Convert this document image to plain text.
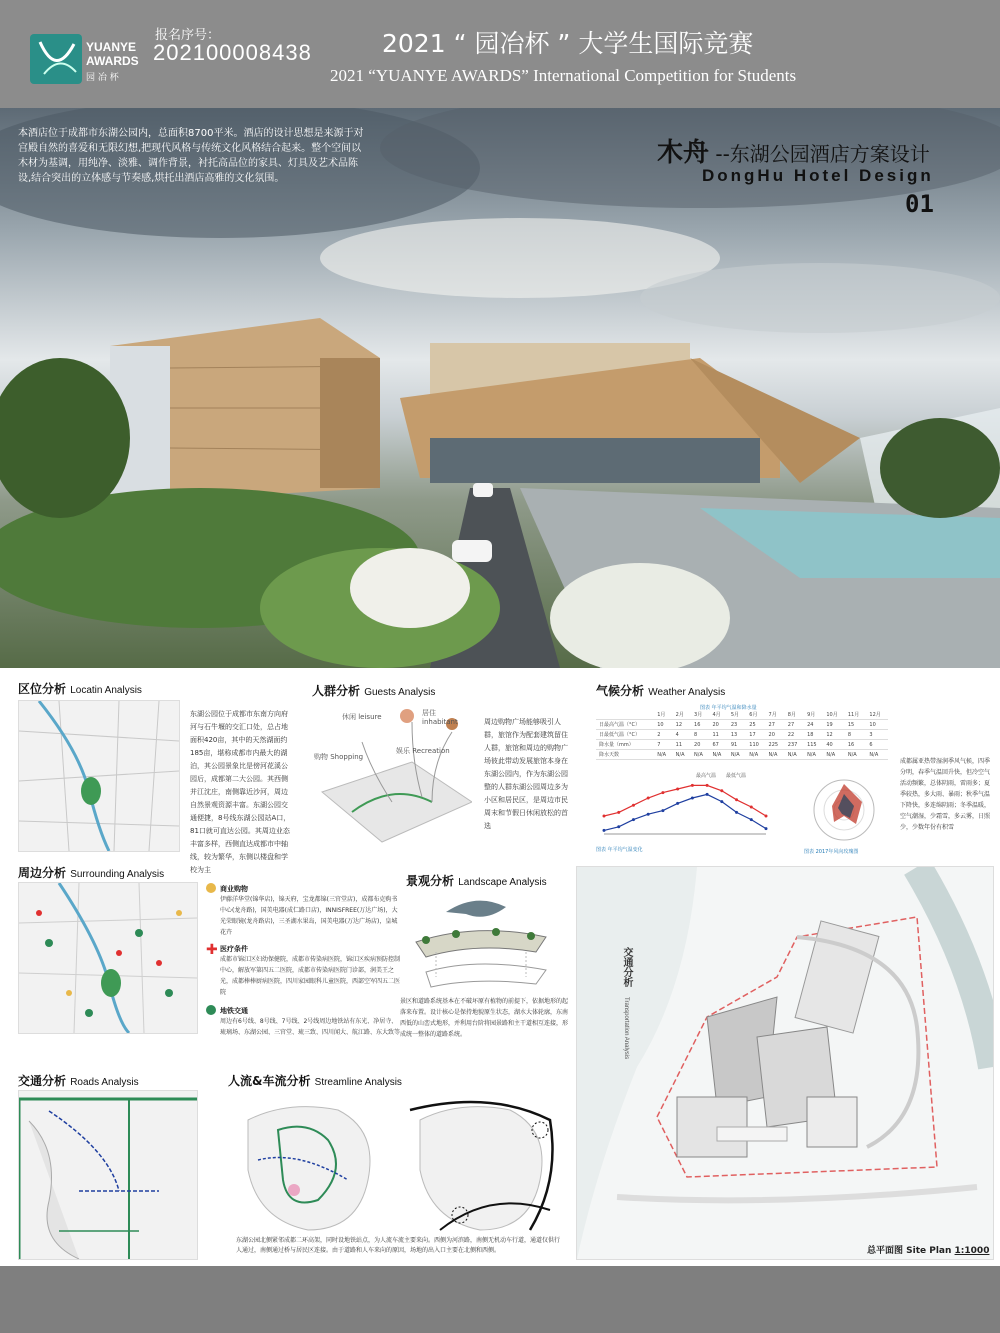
YUANYE
AWARDS
园 冶 杯
报名序号：
202100008438	2021 “ 园冶杯 ” 大学生国际竞赛
2021 “YUANYE AWARDS” International Competition for Students
本酒店位于成都市东湖公园内，总面积8700平米。酒店的设计思想是来源于对宫殿自然的喜爱和无限幻想,把现代风格与传统文化风格结合起来。整个空间以木材为基调，用纯净、淡雅、调作背景，衬托高品位的家具、灯具及艺术品陈设,结合突出的立体感与节奏感,烘托出酒店高雅的文化氛围。
木舟 --东湖公园酒店方案设计
DongHu Hotel Design
01
区位分析 Locatin Analysis
东湖公园位于成都市东南方向府河与石牛堰的交汇口处，总占地面积420亩，其中的天然湖面约185亩，堪称成都市内最大的湖泊，其公园景象比是傍河花溪公园后，成都第二大公园。其西侧并江沈庄，南侧靠近沙河，周边自然景观资源丰富。东湖公园交通便捷，8号线东湖公园站A口，81口就可直达公园。其周边业态丰富多样，西侧直达成都市中轴线，较为繁华，东侧以楼盘和学校为主
人群分析 Guests Analysis
休闲 leisure	居住 inhabitant
购物 Shopping
娱乐 Recreation
周边购物广场能够吸引人群，旅馆作为配套建筑留住人群，旅馆和周边的购物广场彼此带动发展旅馆本身在东湖公园内，作为东湖公园整的人群东湖公园周边多为小区和居民区，是周边市民周末和节假日休闲放松的首选
气候分析 Weather Analysis
图表 年平均气温和降水量
	1月	2月	3月	4月	5月	6月	7月	8月	9月	10月	11月	12月
日最高气温（°C）	10	12	16	20	23	25	27	27	24	19	15	10
日最低气温（°C）	2	4	8	11	13	17	20	22	18	12	8	3
降水量（mm）	7	11	20	67	91	110	225	237	115	40	16	6
降水天数	N/A	N/A	N/A	N/A	N/A	N/A	N/A	N/A	N/A	N/A	N/A	N/A
图表 年平均气温变化
最高气温 最低气温
图表 2017年风向玫瑰图
成都属亚热带湿润季风气候，四季分明，春季气温回升快，但冷空气活动频繁，总体阴雨，雷雨多；夏季较热，多大雨、暴雨；秋季气温下降快，多连绵阴雨；冬季温暖，空气潮湿，少霜雪，多云雾，日照少，少数年份有积雪
周边分析 Surrounding Analysis
商业购物
伊藤洋华堂(锦华店)，锦天府，宝龙都锦(三官堂店)，成都布克购书中心(龙舟路)，国美电器(成仁路口店)，INNISFREE(万达广场)，大光荣眼镜(龙舟路店)，三圣湖水果岛，国美电器(万达广场店)，皇城花卉
医疗条件
✚
成都市锦江区妇幼保健院，成都市传染病医院，锦江区疾病预防控制中心，解放军第四五二医院，成都市传染病医院门诊部，润美王之光，成都棒棒厨病医院，四川家园眼科儿童医院，西部空军四五二医院
地铁交通
周边有6号线、8号线、7号线、2号线周边地铁站有东光、净居寺、琉璃场、东湖公园、三官堂、琉三致、四川闻大、航江路、东大致等
景观分析 Landscape Analysis
景区和道路系统基本在不破坏原有植物的前提下，依据地形的起落来布置。设计核心是保持地貌原生状态，湖水大体轮廓，东南西低的山峦式地形，并利用台阶将园景路和主干道相互连接，形成统一整体的道路系统。
交通分析 Roads Analysis	人流&车流分析 Streamline Analysis
东湖公园北侧紧邻成都二环高架，同时设地铁站点，为人流车流主要来向。西侧为河滨路，南侧无机动车行道，通道仅供行人通过，南侧通过桥与居民区连接。由于道路和人车来向的原因，场地的出入口主要在北侧和西侧。
交通分析
Transportation Analysis
总平面图 Site Plan 1:1000
